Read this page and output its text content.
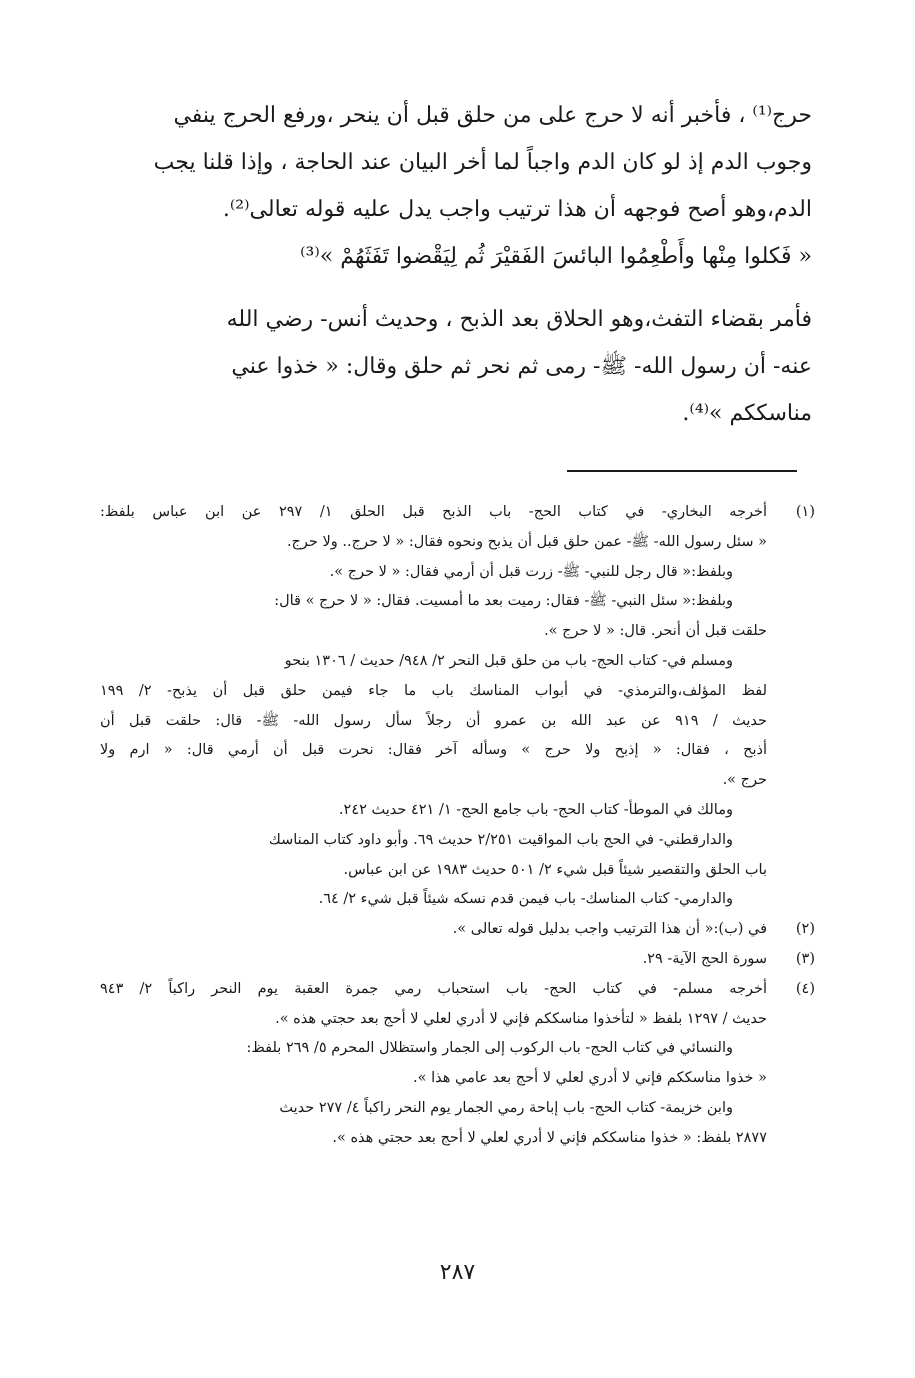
حرج⁽¹⁾ ، فأخبر أنه لا حرج على من حلق قبل أن ينحر ،ورفع الحرج ينفي
وجوب الدم إذ لو كان الدم واجباً لما أخر البيان عند الحاجة ، وإذا قلنا يجب
الدم،وهو أصح فوجهه أن هذا ترتيب واجب يدل عليه قوله تعالى⁽²⁾.

« فَكلوا مِنْها وأَطْعِمُوا البائسَ الفَقيْرَ ثُم لِيَقْضوا تَفَثَهُمْ »⁽³⁾

فأمر بقضاء التفث،وهو الحلاق بعد الذبح ، وحديث أنس- رضي الله
عنه- أن رسول الله- ﷺ- رمى ثم نحر ثم حلق وقال: « خذوا عني
مناسككم »⁽⁴⁾.

(١)
أخرجه البخاري- في كتاب الحج- باب الذبح قبل الحلق ١/ ٢٩٧ عن ابن عباس بلفظ:
« سئل رسول الله- ﷺ- عمن حلق قبل أن يذبح ونحوه فقال: « لا حرج.. ولا حرج.
وبلفظ:« قال رجل للنبي- ﷺ- زرت قبل أن أرمي فقال: « لا حرج ».
وبلفظ:« سئل النبي- ﷺ- فقال: رميت بعد ما أمسيت. فقال: « لا حرج » قال:
حلقت قبل أن أنحر. قال: « لا حرج ».
ومسلم في- كتاب الحج- باب من حلق قبل النحر ٢/ ٩٤٨/ حديث / ١٣٠٦ بنحو
لفظ المؤلف،والترمذي- في أبواب المناسك باب ما جاء فيمن حلق قبل أن يذبح- ٢/ ١٩٩
حديث / ٩١٩ عن عبد الله بن عمرو أن رجلاً سأل رسول الله- ﷺ- قال: حلقت قبل أن
أذبح ، فقال: « إذبح ولا حرج » وسأله آخر فقال: نحرت قبل أن أرمي قال: « ارم ولا
حرج ».
ومالك في الموطأ- كتاب الحج- باب جامع الحج- ١/ ٤٢١ حديث ٢٤٢.
والدارقطني- في الحج باب المواقيت ٢/٢٥١ حديث ٦٩. وأبو داود كتاب المناسك
باب الحلق والتقصير شيئاً قبل شيء ٢/ ٥٠١ حديث ١٩٨٣ عن ابن عباس.
والدارمي- كتاب المناسك- باب فيمن قدم نسكه شيئاً قبل شيء ٢/ ٦٤.
(٢)
في (ب):« أن هذا الترتيب واجب بدليل قوله تعالى ».
(٣)
سورة الحج الآية- ٢٩.
(٤)
أخرجه مسلم- في كتاب الحج- باب استحباب رمي جمرة العقبة يوم النحر راكباً ٢/ ٩٤٣
حديث / ١٢٩٧ بلفظ « لتأخذوا مناسككم فإني لا أدري لعلي لا أحج بعد حجتي هذه ».
والنسائي في كتاب الحج- باب الركوب إلى الجمار واستظلال المحرم ٥/ ٢٦٩ بلفظ:
« خذوا مناسككم فإني لا أدري لعلي لا أحج بعد عامي هذا ».
وابن خزيمة- كتاب الحج- باب إباحة رمي الجمار يوم النحر راكباً ٤/ ٢٧٧ حديث
٢٨٧٧ بلفظ: « خذوا مناسككم فإني لا أدري لعلي لا أحج بعد حجتي هذه ».
٢٨٧
